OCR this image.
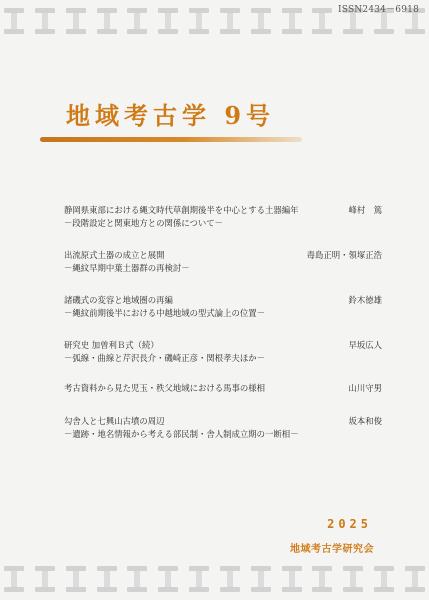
ISSN2434－6918
地域考古学 9号
静岡県東部における縄文時代草創期後半を中心とする土器編年
－段階設定と関東地方との関係について－
峰村　篤
出流原式土器の成立と展開
－縄紋早期中葉土器群の再検討－
毒島正明・領塚正浩
諸磯式の変容と地域圏の再編
－縄紋前期後半における中越地域の型式論上の位置－
鈴木徳雄
研究史 加曽利Ｂ式（続）
－弧線・曲線と芹沢長介・磯崎正彦・関根孝夫ほか－
早坂広人
考古資料から見た児玉・秩父地域における馬事の様相	山川守男
勾舎人と七興山古墳の周辺
－遺跡・地名情報から考える部民制・舎人制成立期の一断相－
坂本和俊
2025
地域考古学研究会
